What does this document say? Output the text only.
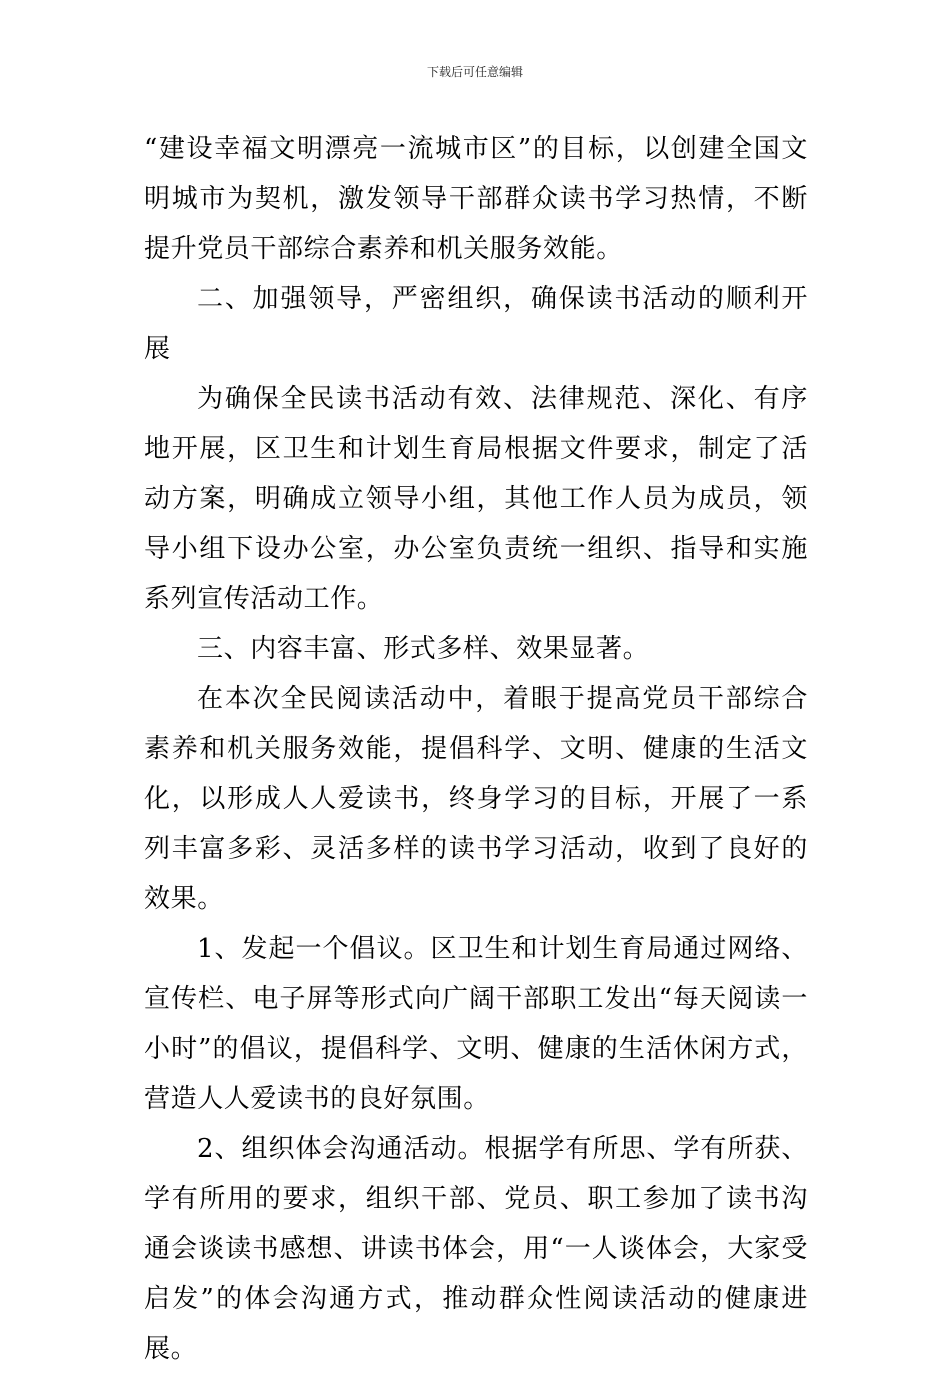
下载后可任意编辑

“建设幸福文明漂亮一流城市区”的目标，以创建全国文明城市为契机，激发领导干部群众读书学习热情，不断提升党员干部综合素养和机关服务效能。

二、加强领导，严密组织，确保读书活动的顺利开展

为确保全民读书活动有效、法律规范、深化、有序地开展，区卫生和计划生育局根据文件要求，制定了活动方案，明确成立领导小组，其他工作人员为成员，领导小组下设办公室，办公室负责统一组织、指导和实施系列宣传活动工作。

三、内容丰富、形式多样、效果显著。

在本次全民阅读活动中，着眼于提高党员干部综合素养和机关服务效能，提倡科学、文明、健康的生活文化，以形成人人爱读书，终身学习的目标，开展了一系列丰富多彩、灵活多样的读书学习活动，收到了良好的效果。

1、发起一个倡议。区卫生和计划生育局通过网络、宣传栏、电子屏等形式向广阔干部职工发出“每天阅读一小时”的倡议，提倡科学、文明、健康的生活休闲方式，营造人人爱读书的良好氛围。

2、组织体会沟通活动。根据学有所思、学有所获、学有所用的要求，组织干部、党员、职工参加了读书沟通会谈读书感想、讲读书体会，用“一人谈体会，大家受启发”的体会沟通方式，推动群众性阅读活动的健康进展。
